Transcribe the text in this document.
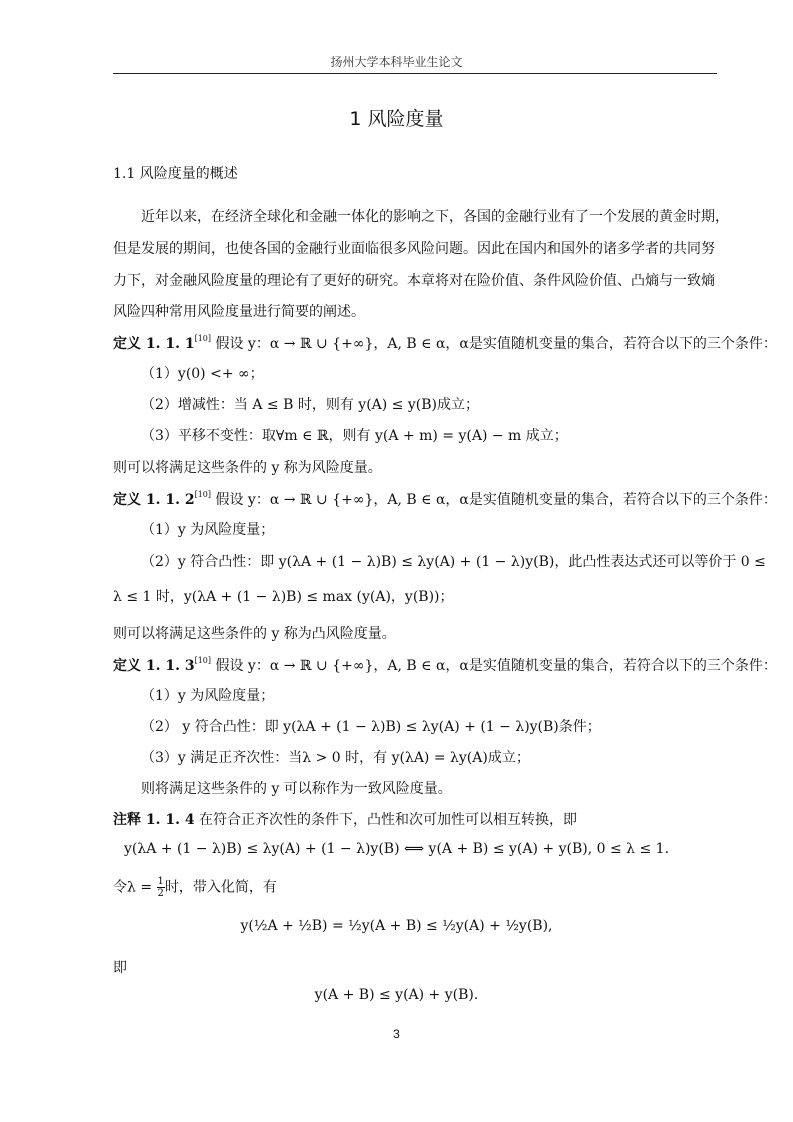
扬州大学本科毕业生论文
1 风险度量
1.1 风险度量的概述
近年以来，在经济全球化和金融一体化的影响之下，各国的金融行业有了一个发展的黄金时期，
但是发展的期间，也使各国的金融行业面临很多风险问题。因此在国内和国外的诸多学者的共同努
力下，对金融风险度量的理论有了更好的研究。本章将对在险价值、条件风险价值、凸熵与一致熵
风险四种常用风险度量进行简要的阐述。
定义 1. 1. 1[10] 假设 y：α → ℝ ∪ {+∞}，A, B ∈ α，α是实值随机变量的集合，若符合以下的三个条件：
（1）y(0) <+ ∞；
（2）增减性：当 A ≤ B 时，则有 y(A) ≤ y(B)成立；
（3）平移不变性：取∀m ∈ ℝ，则有 y(A + m) = y(A) − m 成立；
则可以将满足这些条件的 y 称为风险度量。
定义 1. 1. 2[10] 假设 y：α → ℝ ∪ {+∞}，A, B ∈ α，α是实值随机变量的集合，若符合以下的三个条件：
（1）y 为风险度量；
（2）y 符合凸性：即 y(λA + (1 − λ)B) ≤ λy(A) + (1 − λ)y(B)，此凸性表达式还可以等价于 0 ≤
λ ≤ 1 时，y(λA + (1 − λ)B) ≤ max (y(A)，y(B))；
则可以将满足这些条件的 y 称为凸风险度量。
定义 1. 1. 3[10] 假设 y：α → ℝ ∪ {+∞}，A, B ∈ α，α是实值随机变量的集合，若符合以下的三个条件：
（1）y 为风险度量；
（2） y 符合凸性：即 y(λA + (1 − λ)B) ≤ λy(A) + (1 − λ)y(B)条件；
（3）y 满足正齐次性：当λ > 0 时，有 y(λA) = λy(A)成立；
则将满足这些条件的 y 可以称作为一致风险度量。
注释 1. 1. 4 在符合正齐次性的条件下，凸性和次可加性可以相互转换，即
y(λA + (1 − λ)B) ≤ λy(A) + (1 − λ)y(B) ⟺ y(A + B) ≤ y(A) + y(B), 0 ≤ λ ≤ 1.
令$\lambda = \frac{1}{2}$ 时，带入化简，有
y(½A + ½B) = ½y(A + B) ≤ ½y(A) + ½y(B),
即
y(A + B) ≤ y(A) + y(B).
3
